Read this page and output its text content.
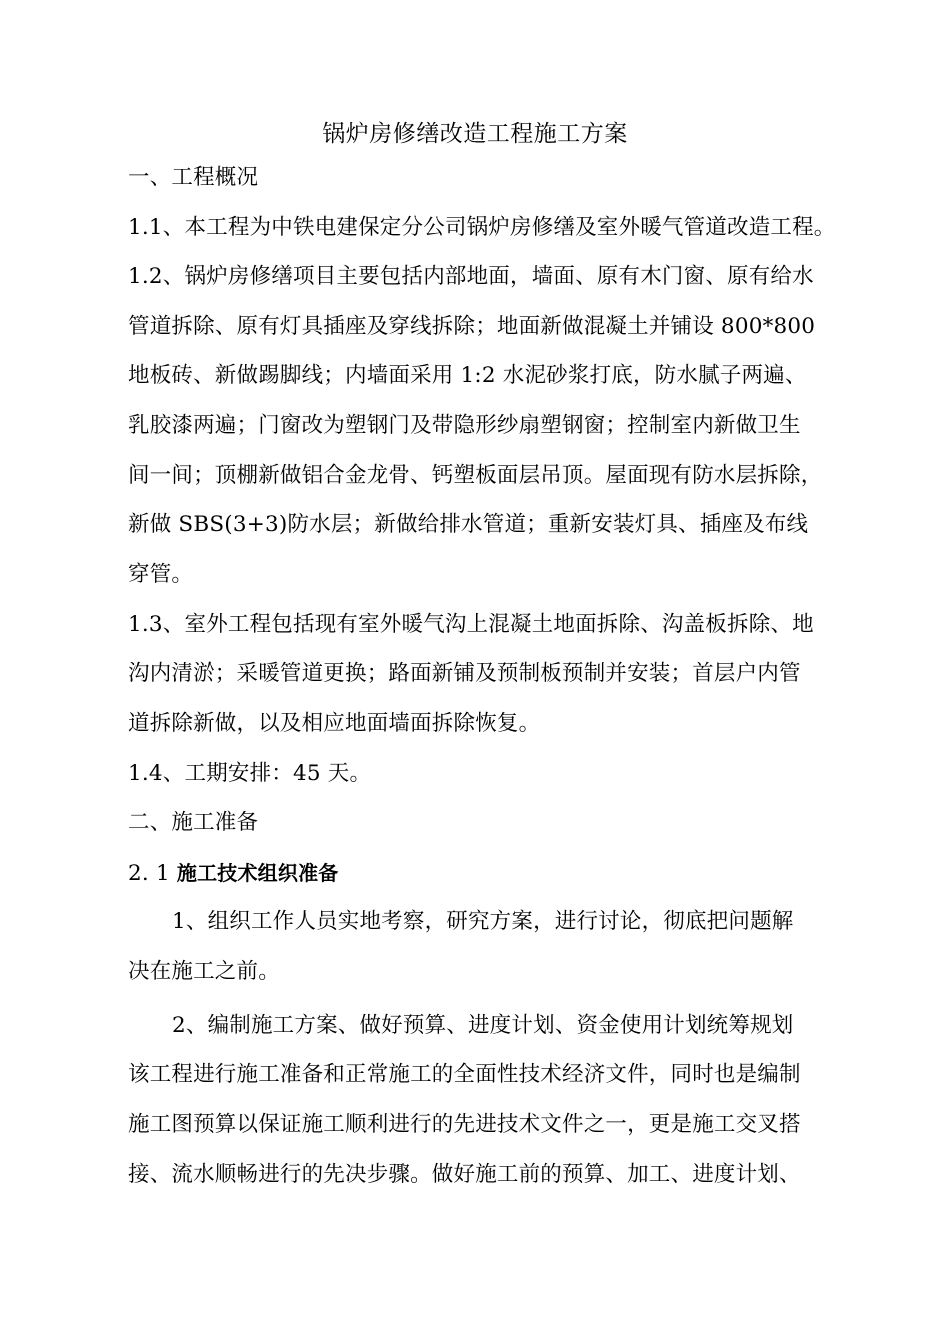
锅炉房修缮改造工程施工方案
一、工程概况
1.1、本工程为中铁电建保定分公司锅炉房修缮及室外暖气管道改造工程。
1.2、锅炉房修缮项目主要包括内部地面，墙面、原有木门窗、原有给水
管道拆除、原有灯具插座及穿线拆除；地面新做混凝土并铺设 800*800
地板砖、新做踢脚线；内墙面采用 1:2 水泥砂浆打底，防水腻子两遍、
乳胶漆两遍；门窗改为塑钢门及带隐形纱扇塑钢窗；控制室内新做卫生
间一间；顶棚新做铝合金龙骨、钙塑板面层吊顶。屋面现有防水层拆除，
新做 SBS(3+3)防水层；新做给排水管道；重新安装灯具、插座及布线
穿管。
1.3、室外工程包括现有室外暖气沟上混凝土地面拆除、沟盖板拆除、地
沟内清淤；采暖管道更换；路面新铺及预制板预制并安装；首层户内管
道拆除新做，以及相应地面墙面拆除恢复。
1.4、工期安排：45 天。
二、施工准备
2. 1 施工技术组织准备
1、组织工作人员实地考察，研究方案，进行讨论，彻底把问题解
决在施工之前。
2、编制施工方案、做好预算、进度计划、资金使用计划统筹规划
该工程进行施工准备和正常施工的全面性技术经济文件，同时也是编制
施工图预算以保证施工顺利进行的先进技术文件之一，更是施工交叉搭
接、流水顺畅进行的先决步骤。做好施工前的预算、加工、进度计划、
